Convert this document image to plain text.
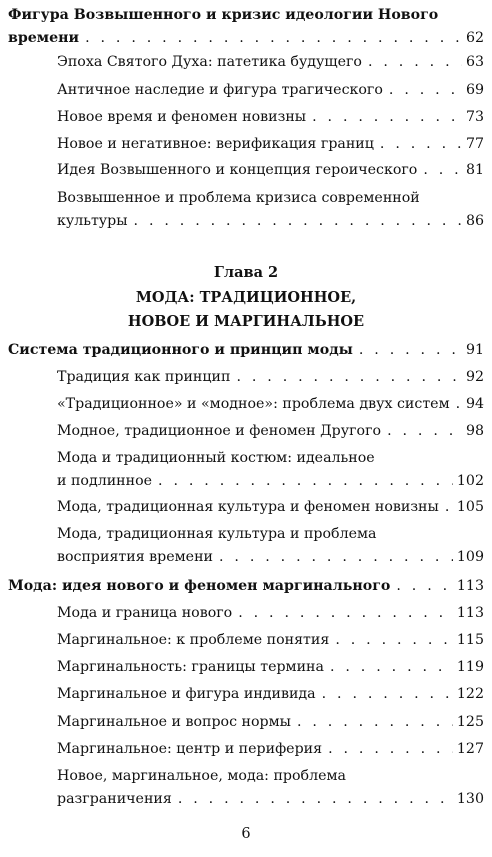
Фигура Возвышенного и кризис идеологии Нового
времени . . .	62
Эпоха Святого Духа: патетика будущего . . .	63
Античное наследие и фигура трагического . . .	69
Новое время и феномен новизны . . .	73
Новое и негативное: верификация границ . . .	77
Идея Возвышенного и концепция героического . . .	81
Возвышенное и проблема кризиса современной
культуры . . .	86
Система традиционного и принцип моды . . .	91
Традиция как принцип . . .	92
«Традиционное» и «модное»: проблема двух систем . . . 94
Модное, традиционное и феномен Другого . . .	98
Мода и традиционный костюм: идеальное
и подлинное . . .	102
Мода, традиционная культура и феномен новизны . . . 105
Мода, традиционная культура и проблема
восприятия времени . . .	109
Мода: идея нового и феномен маргинального . . .	113
Мода и граница нового . . .	113
Маргинальное: к проблеме понятия . . .	115
Маргинальность: границы термина . . .	119
Маргинальное и фигура индивида . . .	122
Маргинальное и вопрос нормы . . .	125
Маргинальное: центр и периферия . . .	127
Новое, маргинальное, мода: проблема
разграничения . . .	130
Глава 2
МОДА: ТРАДИЦИОННОЕ,
НОВОЕ И МАРГИНАЛЬНОЕ
6
